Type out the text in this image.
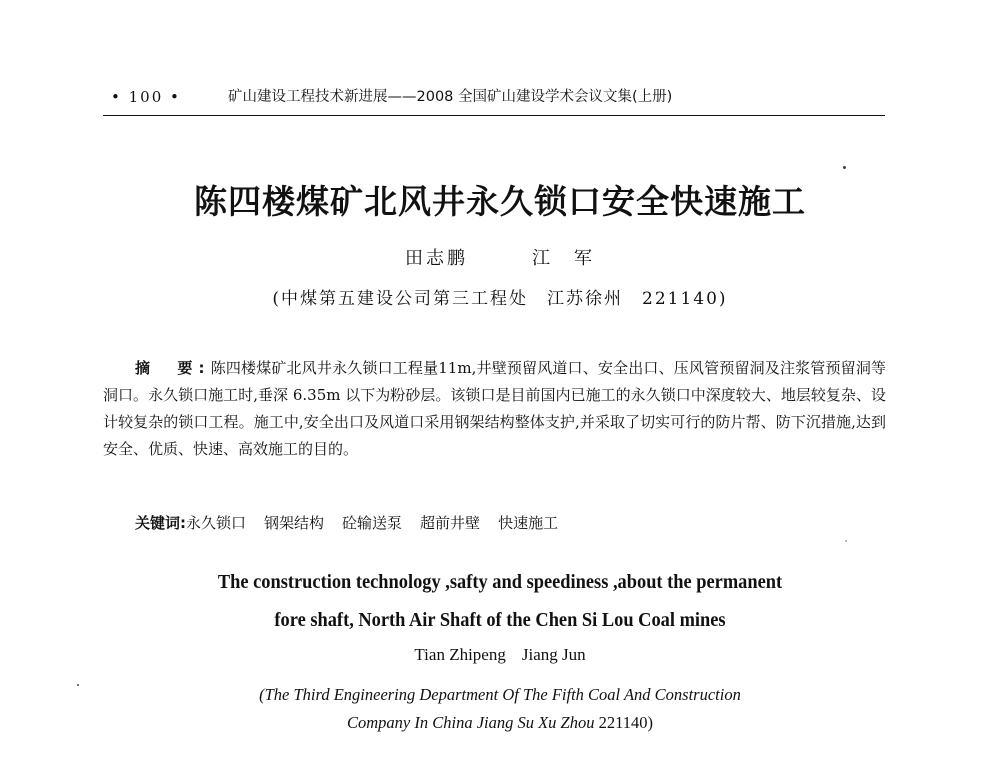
• 100 •	矿山建设工程技术新进展——2008 全国矿山建设学术会议文集(上册)
陈四楼煤矿北风井永久锁口安全快速施工
田志鹏	江　军
(中煤第五建设公司第三工程处　江苏徐州　221140)
摘　要:陈四楼煤矿北风井永久锁口工程量11m,井壁预留风道口、安全出口、压风管预留洞及注浆管预留洞等洞口。永久锁口施工时,垂深 6.35m 以下为粉砂层。该锁口是目前国内已施工的永久锁口中深度较大、地层较复杂、设计较复杂的锁口工程。施工中,安全出口及风道口采用钢架结构整体支护,并采取了切实可行的防片帮、防下沉措施,达到安全、优质、快速、高效施工的目的。
关键词:永久锁口 钢架结构 砼输送泵 超前井壁 快速施工
The construction technology ,safty and speediness ,about the permanent
fore shaft, North Air Shaft of the Chen Si Lou Coal mines
Tian Zhipeng Jiang Jun
(The Third Engineering Department Of The Fifth Coal And Construction
Company In China Jiang Su Xu Zhou 221140)
